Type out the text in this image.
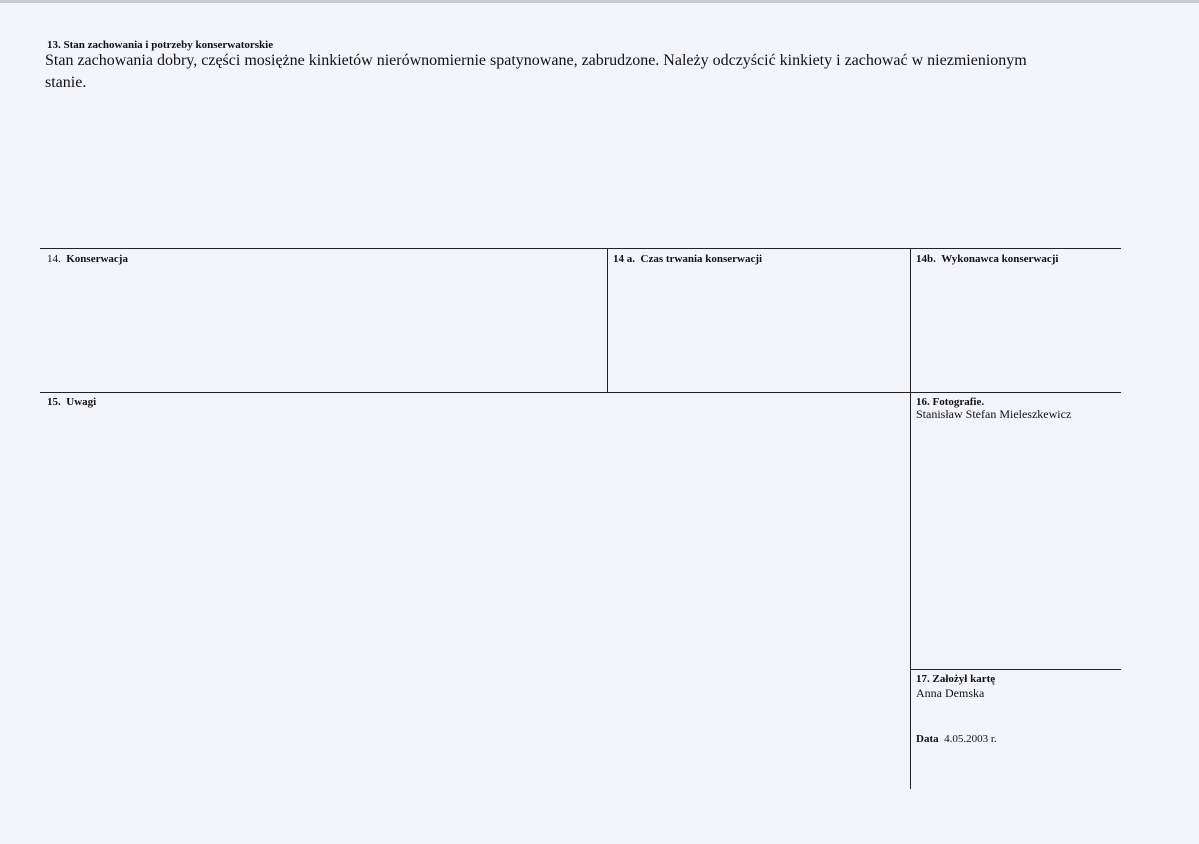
13. Stan zachowania i potrzeby konserwatorskie
Stan zachowania dobry, części mosiężne kinkietów nierównomiernie spatynowane, zabrudzone. Należy odczyścić kinkiety i zachować w niezmienionym
stanie.
14. Konserwacja	14 a. Czas trwania konserwacji	14b. Wykonawca konserwacji
15. Uwagi	16. Fotografie.
Stanisław Stefan Mieleszkewicz
17. Założył kartę
Anna Demska
Data 4.05.2003 r.
